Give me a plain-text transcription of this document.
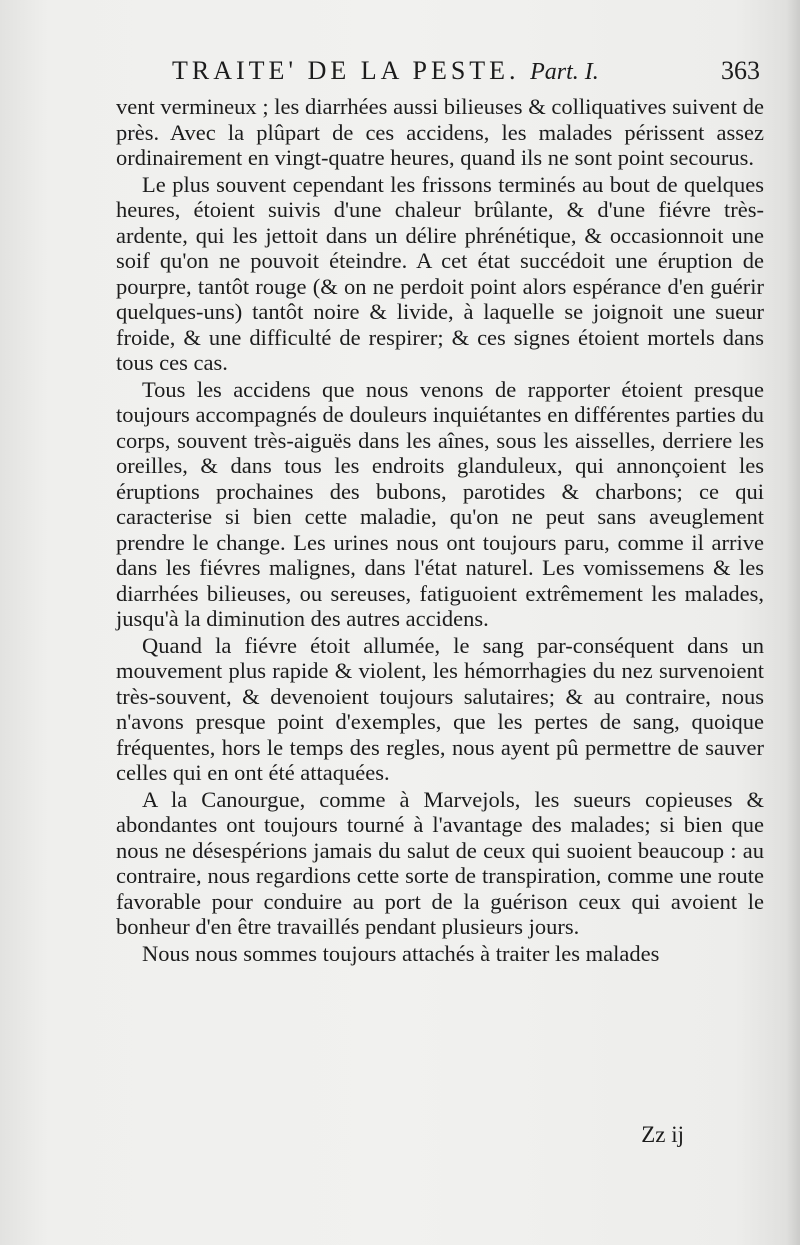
TRAITE' DE LA PESTE. Part. I.	363

vent vermineux ; les diarrhées aussi bilieuses & colliquatives suivent de près. Avec la plûpart de ces accidens, les malades périssent assez ordinairement en vingt-quatre heures, quand ils ne sont point secourus.

Le plus souvent cependant les frissons terminés au bout de quelques heures, étoient suivis d'une chaleur brûlante, & d'une fiévre très-ardente, qui les jettoit dans un délire phrénétique, & occasionnoit une soif qu'on ne pouvoit éteindre. A cet état succédoit une éruption de pourpre, tantôt rouge (& on ne perdoit point alors espérance d'en guérir quelques-uns) tantôt noire & livide, à laquelle se joignoit une sueur froide, & une difficulté de respirer; & ces signes étoient mortels dans tous ces cas.

Tous les accidens que nous venons de rapporter étoient presque toujours accompagnés de douleurs inquiétantes en différentes parties du corps, souvent très-aiguës dans les aînes, sous les aisselles, derriere les oreilles, & dans tous les endroits glanduleux, qui annonçoient les éruptions prochaines des bubons, parotides & charbons; ce qui caracterise si bien cette maladie, qu'on ne peut sans aveuglement prendre le change. Les urines nous ont toujours paru, comme il arrive dans les fiévres malignes, dans l'état naturel. Les vomissemens & les diarrhées bilieuses, ou sereuses, fatiguoient extrêmement les malades, jusqu'à la diminution des autres accidens.

Quand la fiévre étoit allumée, le sang par-conséquent dans un mouvement plus rapide & violent, les hémorrhagies du nez survenoient très-souvent, & devenoient toujours salutaires; & au contraire, nous n'avons presque point d'exemples, que les pertes de sang, quoique fréquentes, hors le temps des regles, nous ayent pû permettre de sauver celles qui en ont été attaquées.

A la Canourgue, comme à Marvejols, les sueurs copieuses & abondantes ont toujours tourné à l'avantage des malades; si bien que nous ne désespérions jamais du salut de ceux qui suoient beaucoup : au contraire, nous regardions cette sorte de transpiration, comme une route favorable pour conduire au port de la guérison ceux qui avoient le bonheur d'en être travaillés pendant plusieurs jours.

Nous nous sommes toujours attachés à traiter les malades

Zz ij
